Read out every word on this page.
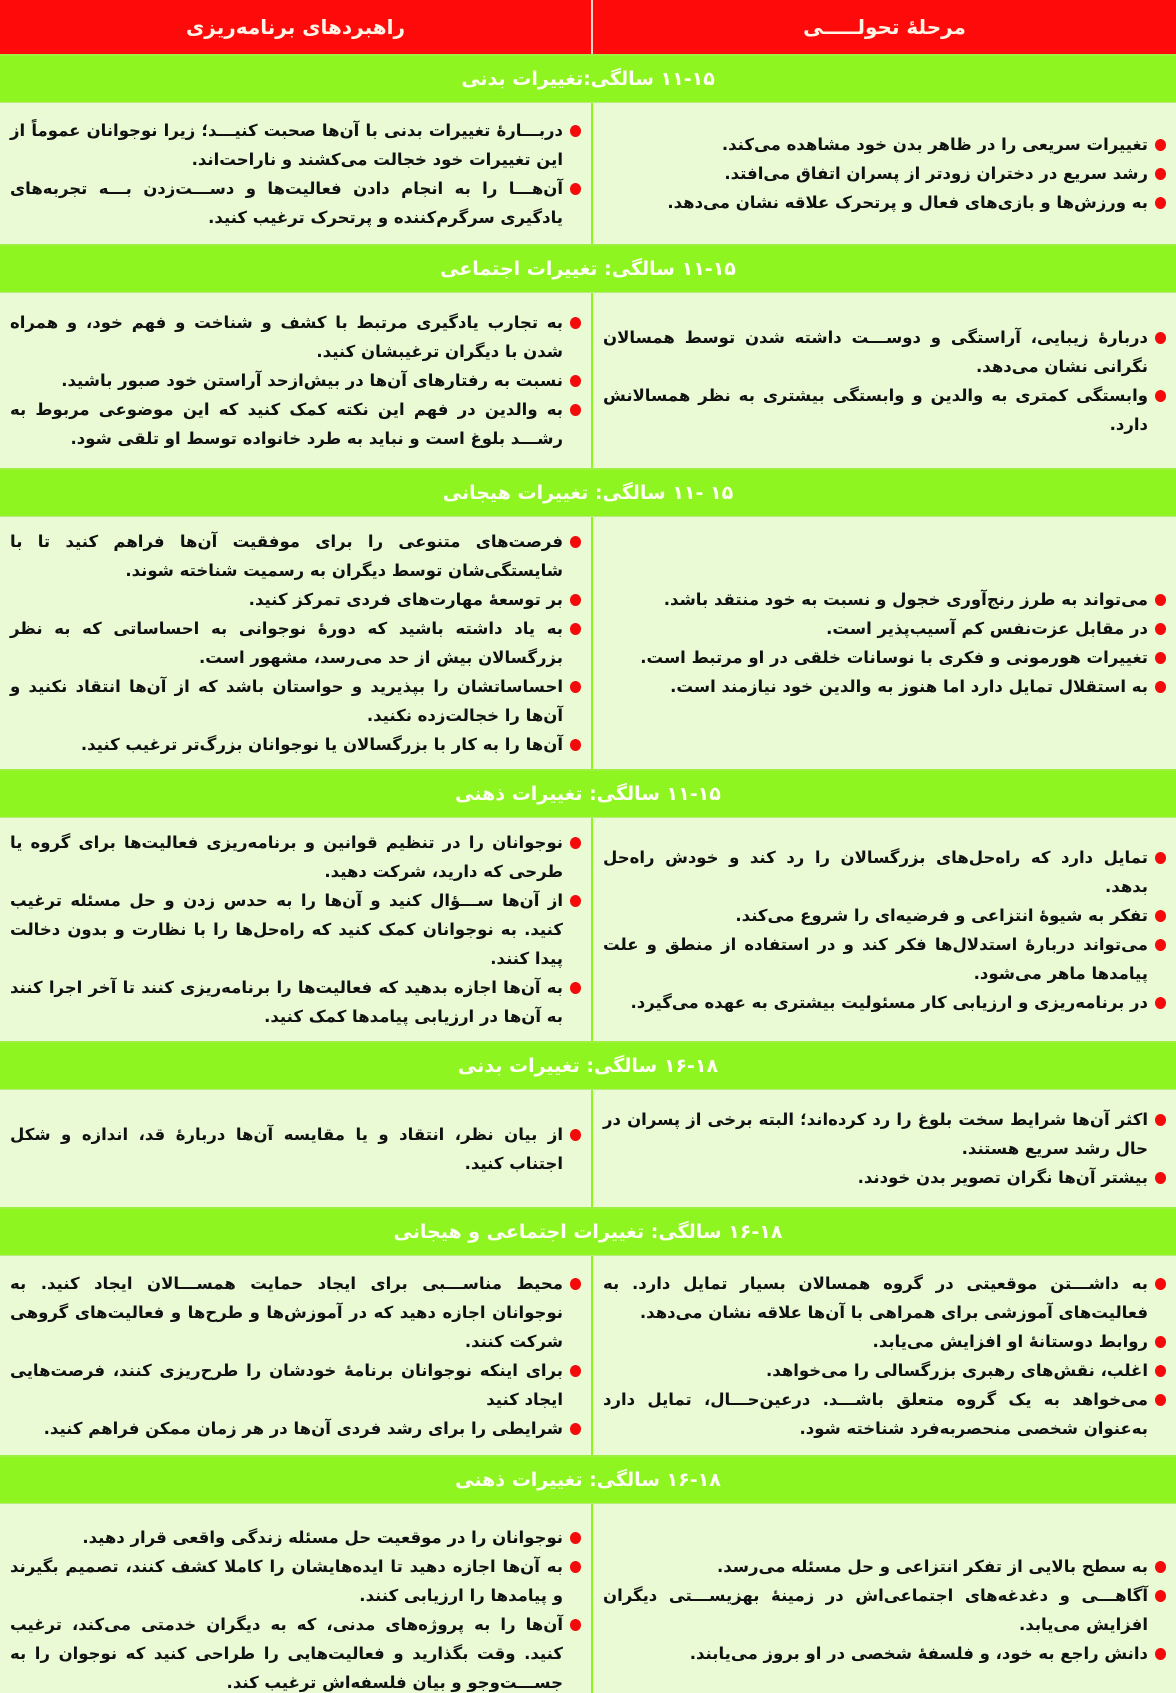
مرحلهٔ تحولـــــی
راهبردهای برنامه‌ریزی
۱۱-۱۵ سالگی:تغییرات بدنی
تغییرات سریعی را در ظاهر بدن خود مشاهده می‌کند.
رشد سریع در دختران زودتر از پسران اتفاق می‌افتد.
به ورزش‌ها و بازی‌های فعال و پرتحرک علاقه نشان می‌دهد.
دربـــارهٔ تغییرات بدنی با آن‌ها صحبت کنیـــد؛ زیرا نوجوانان عموماً از این تغییرات خود خجالت می‌کشند و ناراحت‌اند.
آن‌هـــا را به انجام دادن فعالیت‌ها و دســـت‌زدن بـــه تجربه‌های یادگیری سرگرم‌کننده و پرتحرک ترغیب کنید.
۱۱-۱۵ سالگی: تغییرات اجتماعی
دربارهٔ زیبایی، آراستگی و دوســـت داشته شدن توسط همسالان نگرانی نشان می‌دهد.
وابستگی کمتری به والدین و وابستگی بیشتری به نظر همسالانش دارد.
به تجارب یادگیری مرتبط با کشف و شناخت و فهم خود، و همراه شدن با دیگران ترغیبشان کنید.
نسبت به رفتارهای آن‌ها در بیش‌ازحد آراستن خود صبور باشید.
به والدین در فهم این نکته کمک کنید که این موضوعی مربوط به رشـــد بلوغ است و نباید به طرد خانواده توسط او تلقی شود.
۱۵ -۱۱ سالگی: تغییرات هیجانی
می‌تواند به طرز رنج‌آوری خجول و نسبت به خود منتقد باشد.
در مقابل عزت‌نفس کم آسیب‌پذیر است.
تغییرات هورمونی و فکری با نوسانات خلقی در او مرتبط است.
به استقلال تمایل دارد اما هنوز به والدین خود نیازمند است.
فرصت‌های متنوعی را برای موفقیت آن‌ها فراهم کنید تا با شایستگی‌شان توسط دیگران به رسمیت شناخته شوند.
بر توسعهٔ مهارت‌های فردی تمرکز کنید.
به یاد داشته باشید که دورهٔ نوجوانی به احساساتی که به نظر بزرگسالان بیش از حد می‌رسد، مشهور است.
احساساتشان را بپذیرید و حواستان باشد که از آن‌ها انتقاد نکنید و آن‌ها را خجالت‌زده نکنید.
آن‌ها را به کار با بزرگسالان یا نوجوانان بزرگ‌تر ترغیب کنید.
۱۱-۱۵ سالگی: تغییرات ذهنی
تمایل دارد که راه‌حل‌های بزرگسالان را رد کند و خودش راه‌حل بدهد.
تفکر به شیوهٔ انتزاعی و فرضیه‌ای را شروع می‌کند.
می‌تواند دربارهٔ استدلال‌ها فکر کند و در استفاده از منطق و علت پیامدها ماهر می‌شود.
در برنامه‌ریزی و ارزیابی کار مسئولیت بیشتری به عهده می‌گیرد.
نوجوانان را در تنظیم قوانین و برنامه‌ریزی فعالیت‌ها برای گروه یا طرحی که دارید، شرکت دهید.
از آن‌ها ســـؤال کنید و آن‌ها را به حدس زدن و حل مسئله ترغیب کنید. به نوجوانان کمک کنید که راه‌حل‌ها را با نظارت و بدون دخالت پیدا کنند.
به آن‌ها اجازه بدهید که فعالیت‌ها را برنامه‌ریزی کنند تا آخر اجرا کنند به آن‌ها در ارزیابی پیامدها کمک کنید.
۱۶-۱۸ سالگی: تغییرات بدنی
اکثر آن‌ها شرایط سخت بلوغ را رد کرده‌اند؛ البته برخی از پسران در حال رشد سریع هستند.
بیشتر آن‌ها نگران تصویر بدن خودند.
از بیان نظر، انتقاد و یا مقایسه آن‌ها دربارهٔ قد، اندازه و شکل اجتناب کنید.
۱۶-۱۸ سالگی: تغییرات اجتماعی و هیجانی
به داشـــتن موقعیتی در گروه همسالان بسیار تمایل دارد. به فعالیت‌های آموزشی برای همراهی با آن‌ها علاقه نشان می‌دهد.
روابط دوستانهٔ او افزایش می‌یابد.
اغلب، نقش‌های رهبری بزرگسالی را می‌خواهد.
می‌خواهد به یک گروه متعلق باشـــد. درعین‌حـــال، تمایل دارد به‌عنوان شخصی منحصربه‌فرد شناخته شود.
محیط مناســـبی برای ایجاد حمایت همســـالان ایجاد کنید. به نوجوانان اجازه دهید که در آموزش‌ها و طرح‌ها و فعالیت‌های گروهی شرکت کنند.
برای اینکه نوجوانان برنامهٔ خودشان را طرح‌ریزی کنند، فرصت‌هایی ایجاد کنید
شرایطی را برای رشد فردی آن‌ها در هر زمان ممکن فراهم کنید.
۱۶-۱۸ سالگی: تغییرات ذهنی
به سطح بالایی از تفکر انتزاعی و حل مسئله می‌رسد.
آگاهـــی و دغدغه‌های اجتماعی‌اش در زمینهٔ بهزیســـتی دیگران افزایش می‌یابد.
دانش راجع به خود، و فلسفهٔ شخصی در او بروز می‌یابند.
نوجوانان را در موقعیت حل مسئله زندگی واقعی قرار دهید.
به آن‌ها اجازه دهید تا ایده‌هایشان را کاملا کشف کنند، تصمیم بگیرند و پیامدها را ارزیابی کنند.
آن‌ها را به پروژه‌های مدنی، که به دیگران خدمتی می‌کند، ترغیب کنید. وقت بگذارید و فعالیت‌هایی را طراحی کنید که نوجوان را به جســـت‌وجو و بیان فلسفه‌اش ترغیب کند.
